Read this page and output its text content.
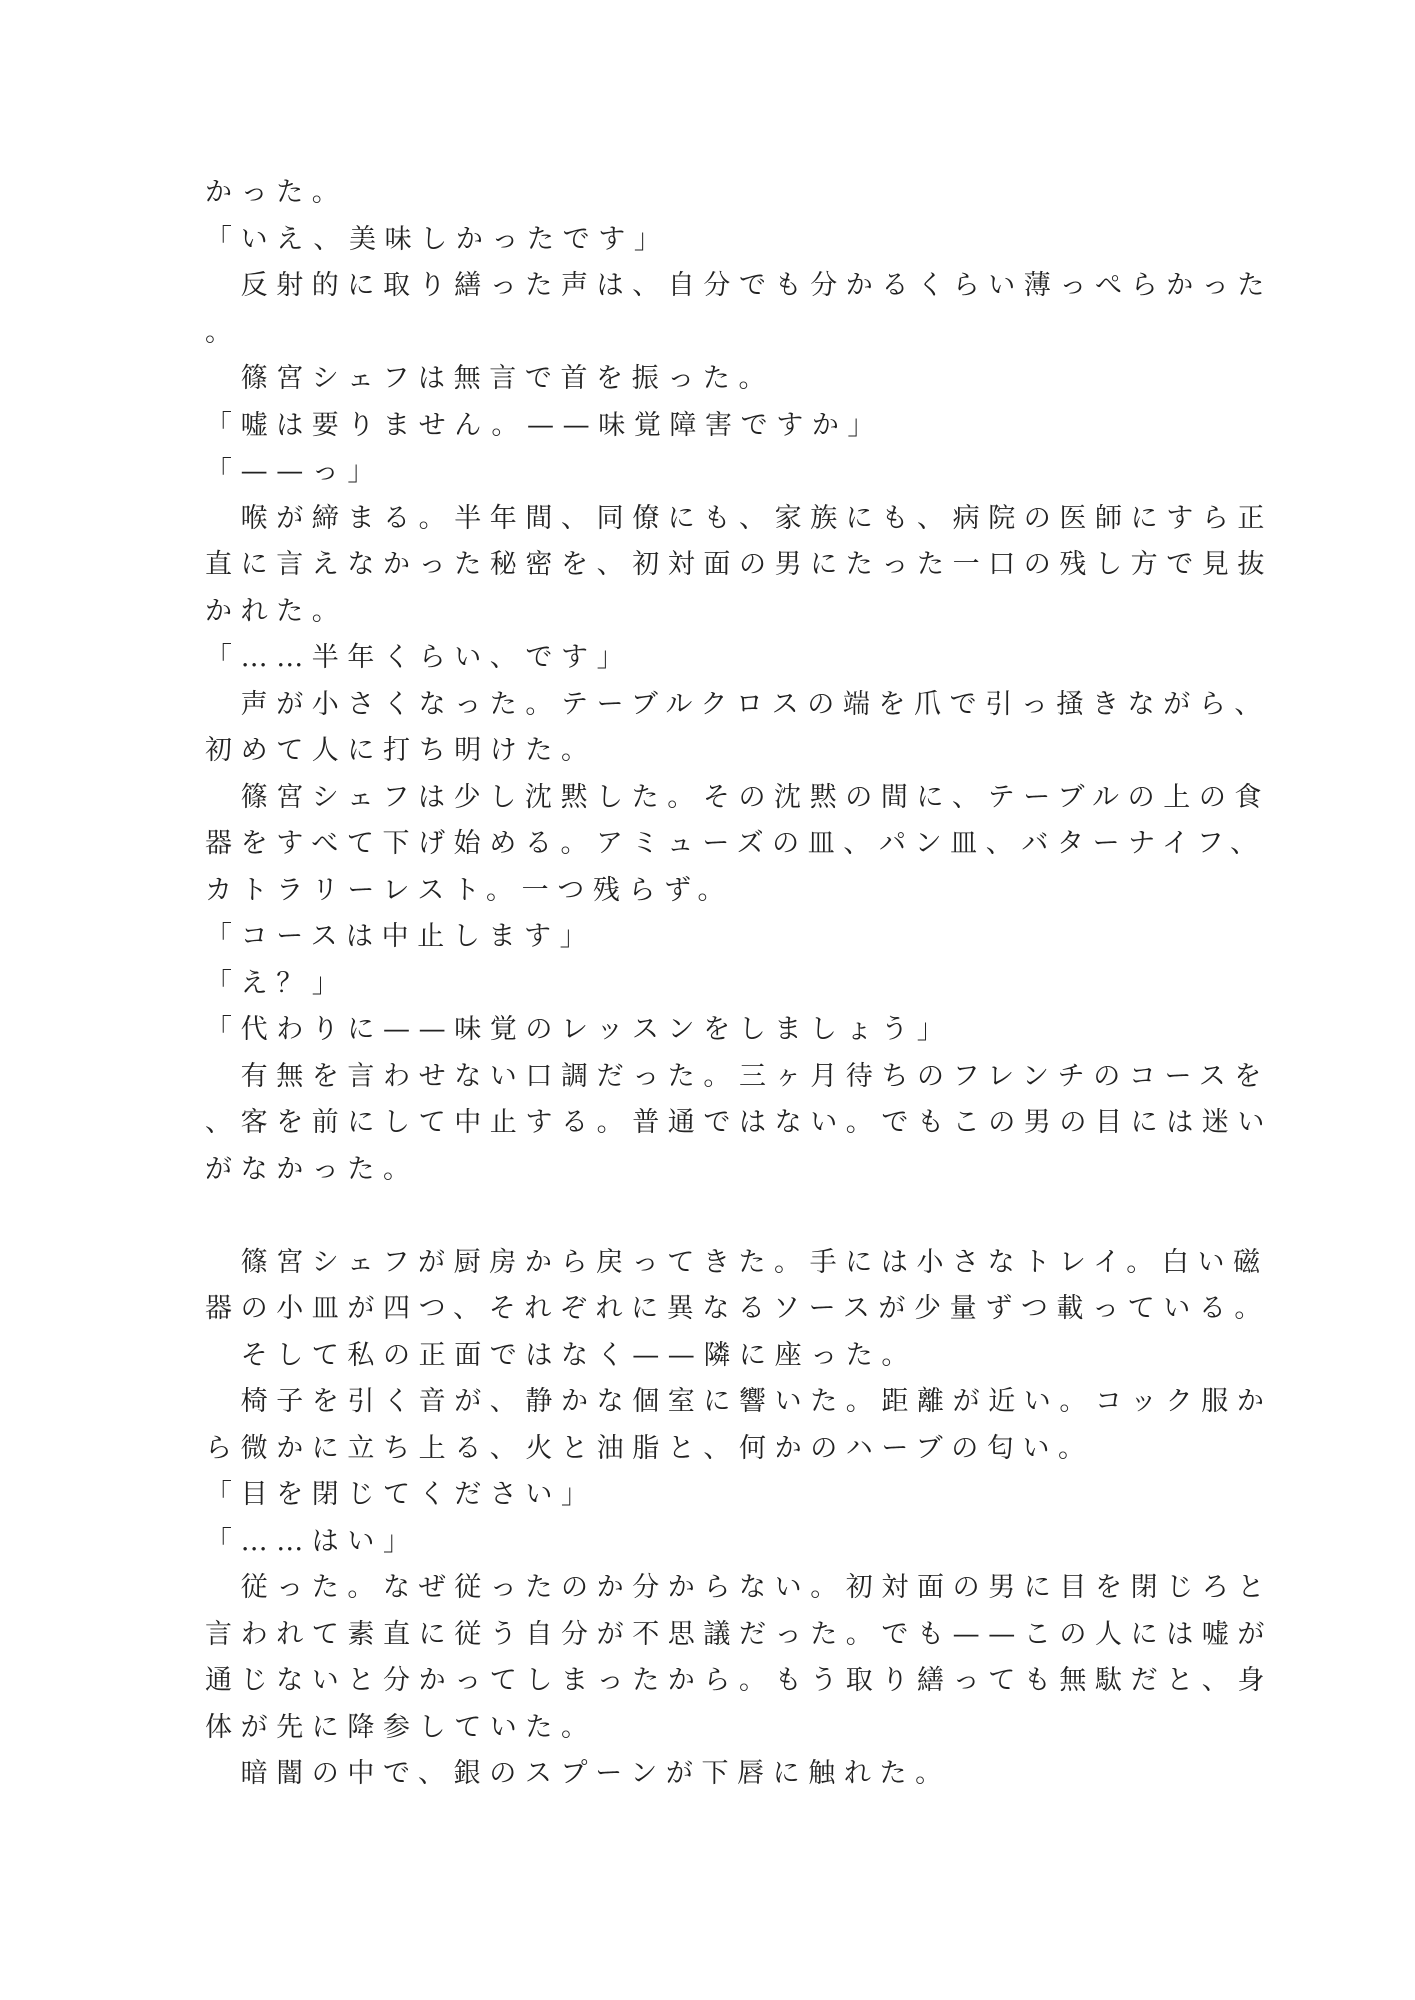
かった。
「いえ、美味しかったです」
　反射的に取り繕った声は、自分でも分かるくらい薄っぺらかった
。
　篠宮シェフは無言で首を振った。
「嘘は要りません。——味覚障害ですか」
「——っ」
　喉が締まる。半年間、同僚にも、家族にも、病院の医師にすら正
直に言えなかった秘密を、初対面の男にたった一口の残し方で見抜
かれた。
「……半年くらい、です」
　声が小さくなった。テーブルクロスの端を爪で引っ掻きながら、
初めて人に打ち明けた。
　篠宮シェフは少し沈黙した。その沈黙の間に、テーブルの上の食
器をすべて下げ始める。アミューズの皿、パン皿、バターナイフ、
カトラリーレスト。一つ残らず。
「コースは中止します」
「え？」
「代わりに——味覚のレッスンをしましょう」
　有無を言わせない口調だった。三ヶ月待ちのフレンチのコースを
、客を前にして中止する。普通ではない。でもこの男の目には迷い
がなかった。
　篠宮シェフが厨房から戻ってきた。手には小さなトレイ。白い磁
器の小皿が四つ、それぞれに異なるソースが少量ずつ載っている。
　そして私の正面ではなく——隣に座った。
　椅子を引く音が、静かな個室に響いた。距離が近い。コック服か
ら微かに立ち上る、火と油脂と、何かのハーブの匂い。
「目を閉じてください」
「……はい」
　従った。なぜ従ったのか分からない。初対面の男に目を閉じろと
言われて素直に従う自分が不思議だった。でも——この人には嘘が
通じないと分かってしまったから。もう取り繕っても無駄だと、身
体が先に降参していた。
　暗闇の中で、銀のスプーンが下唇に触れた。
